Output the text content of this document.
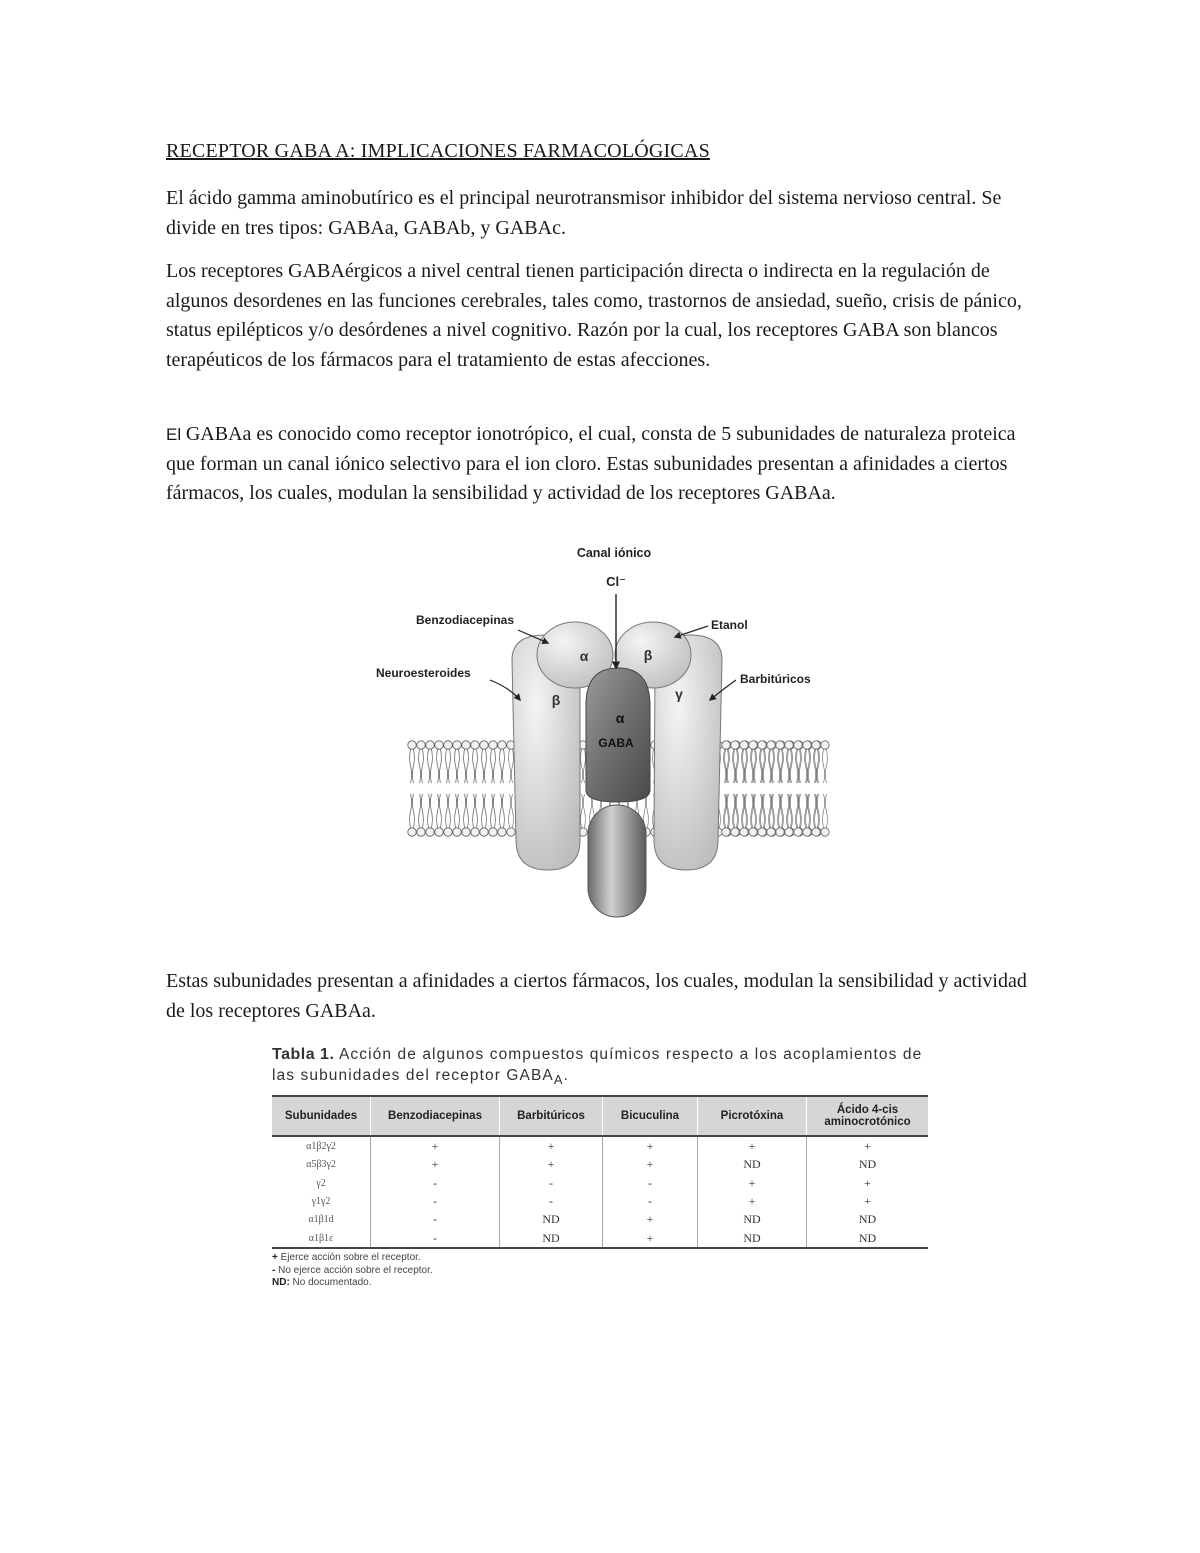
RECEPTOR GABA A: IMPLICACIONES FARMACOLÓGICAS

El ácido gamma aminobutírico es el principal neurotransmisor inhibidor del sistema nervioso central. Se divide en tres tipos: GABAa, GABAb, y GABAc.

Los receptores GABAérgicos a nivel central tienen participación directa o indirecta en la regulación de algunos desordenes en las funciones cerebrales, tales como, trastornos de ansiedad, sueño, crisis de pánico, status epilépticos y/o desórdenes a nivel cognitivo. Razón por la cual, los receptores GABA son blancos terapéuticos de los fármacos para el tratamiento de estas afecciones.

El GABAa es conocido como receptor ionotrópico, el cual, consta de 5 subunidades de naturaleza proteica que forman un canal iónico selectivo para el ion cloro. Estas subunidades presentan a afinidades a ciertos fármacos, los cuales, modulan la sensibilidad y actividad de los receptores GABAa.

Canal iónico
Cl⁻
Benzodiacepinas	Etanol
Neuroesteroides	Barbitúricos
α	β
β
α
γ
GABA

Estas subunidades presentan a afinidades a ciertos fármacos, los cuales, modulan la sensibilidad y actividad de los receptores GABAa.

Tabla 1. Acción de algunos compuestos químicos respecto a los acoplamientos de las subunidades del receptor $GABA_A$.
Subunidades	Benzodiacepinas	Barbitúricos	Bicuculina	Picrotóxina	Ácido 4-cis aminocrotónico
α1β2γ2	+	+	+	+	+
α5β3γ2	+	+	+	ND	ND
γ2	-	-	-	+	+
γ1γ2	-	-	-	+	+
α1β1d	-	ND	+	ND	ND
α1β1ε	-	ND	+	ND	ND
+ Ejerce acción sobre el receptor.
- No ejerce acción sobre el receptor.
ND: No documentado.
